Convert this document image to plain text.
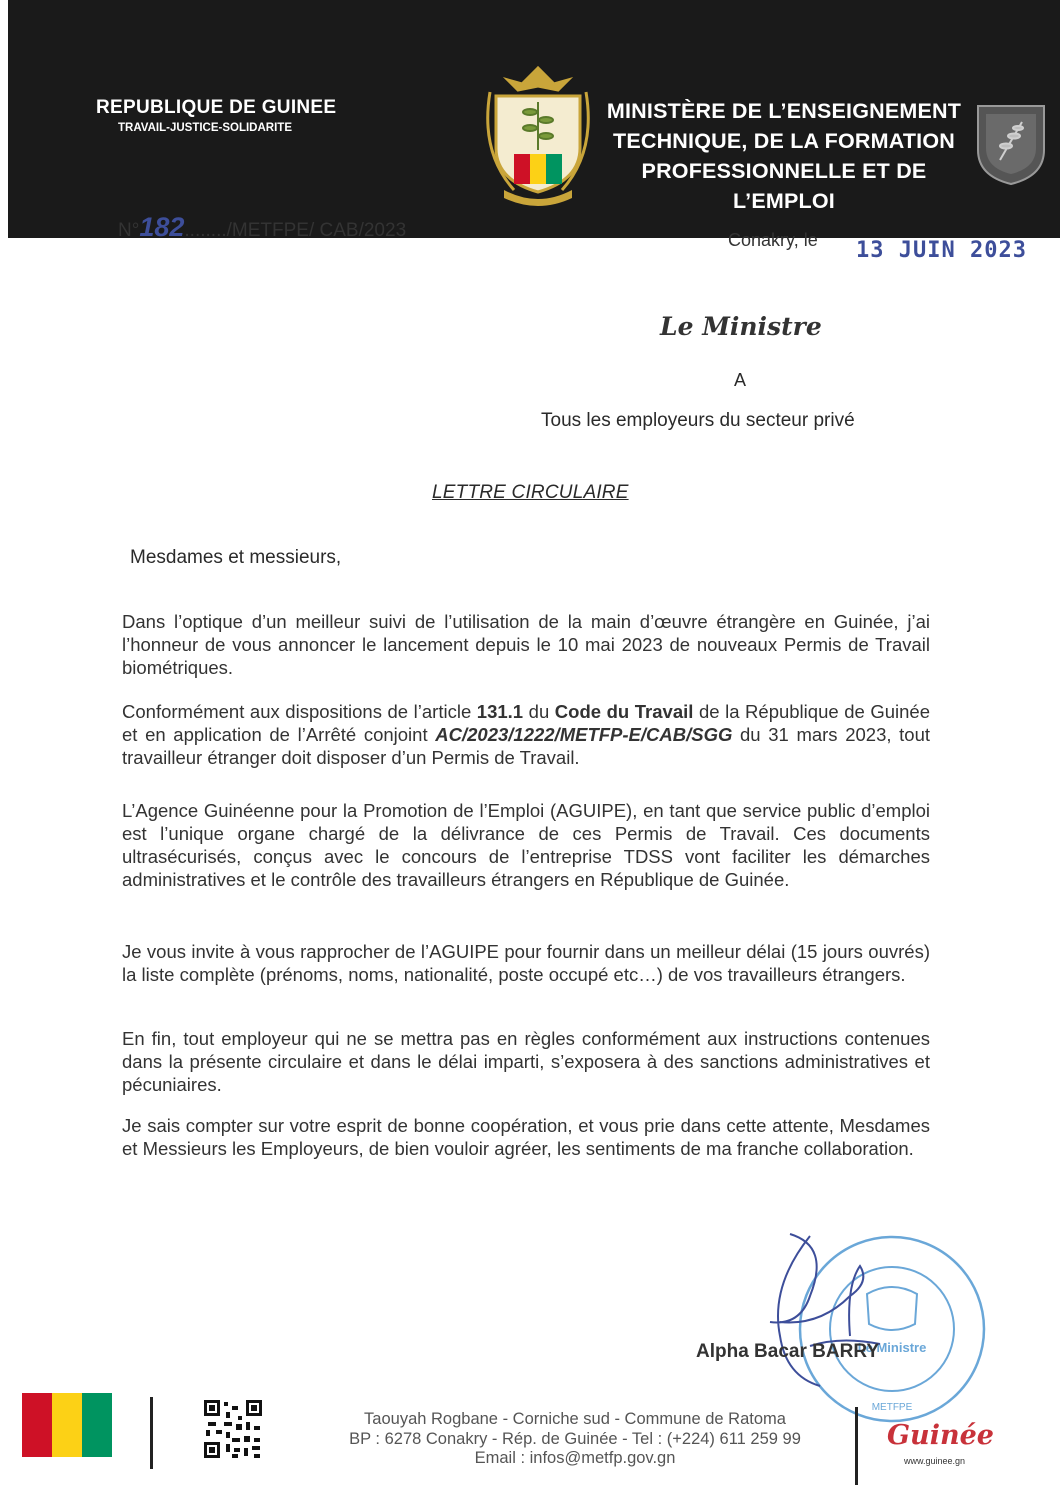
REPUBLIQUE DE GUINEE
TRAVAIL-JUSTICE-SOLIDARITE
MINISTÈRE DE L’ENSEIGNEMENT
TECHNIQUE, DE LA FORMATION
PROFESSIONNELLE ET DE L’EMPLOI
N°182......../METFPE/ CAB/2023	Conakry, le 13 JUIN 2023
Le Ministre
A
Tous les employeurs du secteur privé
LETTRE CIRCULAIRE
Mesdames et messieurs,
Dans l’optique d’un meilleur suivi de l’utilisation de la main d’œuvre étrangère en Guinée, j’ai l’honneur de vous annoncer le lancement depuis le 10 mai 2023 de nouveaux Permis de Travail biométriques.
Conformément aux dispositions de l’article 131.1 du Code du Travail de la République de Guinée et en application de l’Arrêté conjoint AC/2023/1222/METFP-E/CAB/SGG du 31 mars 2023, tout travailleur étranger doit disposer d’un Permis de Travail.
L’Agence Guinéenne pour la Promotion de l’Emploi (AGUIPE), en tant que service public d’emploi est l’unique organe chargé de la délivrance de ces Permis de Travail. Ces documents ultrasécurisés, conçus avec le concours de l’entreprise TDSS vont faciliter les démarches administratives et le contrôle des travailleurs étrangers en République de Guinée.
Je vous invite à vous rapprocher de l’AGUIPE pour fournir dans un meilleur délai (15 jours ouvrés) la liste complète (prénoms, noms, nationalité, poste occupé etc…) de vos travailleurs étrangers.
En fin, tout employeur qui ne se mettra pas en règles conformément aux instructions contenues dans la présente circulaire et dans le délai imparti, s’exposera à des sanctions administratives et pécuniaires.
Je sais compter sur votre esprit de bonne coopération, et vous prie dans cette attente, Mesdames et Messieurs les Employeurs, de bien vouloir agréer, les sentiments de ma franche collaboration.
Le Ministre
METFPE
Alpha Bacar BARRY
Taouyah Rogbane - Corniche sud - Commune de Ratoma
BP : 6278 Conakry - Rép. de Guinée - Tel : (+224) 611 259 99
Email : infos@metfp.gov.gn
Guinée
www.guinee.gn
